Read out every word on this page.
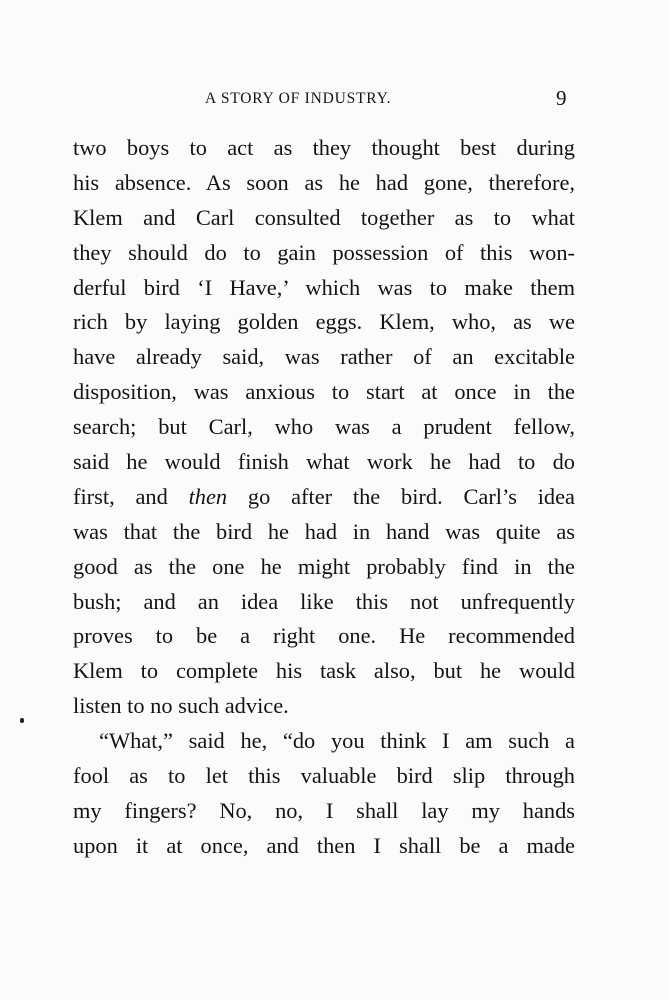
A STORY OF INDUSTRY.	9
two boys to act as they thought best during
his absence. As soon as he had gone, therefore,
Klem and Carl consulted together as to what
they should do to gain possession of this won-
derful bird ‘I Have,’ which was to make them
rich by laying golden eggs. Klem, who, as we
have already said, was rather of an excitable
disposition, was anxious to start at once in the
search; but Carl, who was a prudent fellow,
said he would finish what work he had to do
first, and then go after the bird. Carl’s idea
was that the bird he had in hand was quite as
good as the one he might probably find in the
bush; and an idea like this not unfrequently
proves to be a right one. He recommended
Klem to complete his task also, but he would
listen to no such advice.
“What,” said he, “do you think I am such a
fool as to let this valuable bird slip through
my fingers? No, no, I shall lay my hands
upon it at once, and then I shall be a made
